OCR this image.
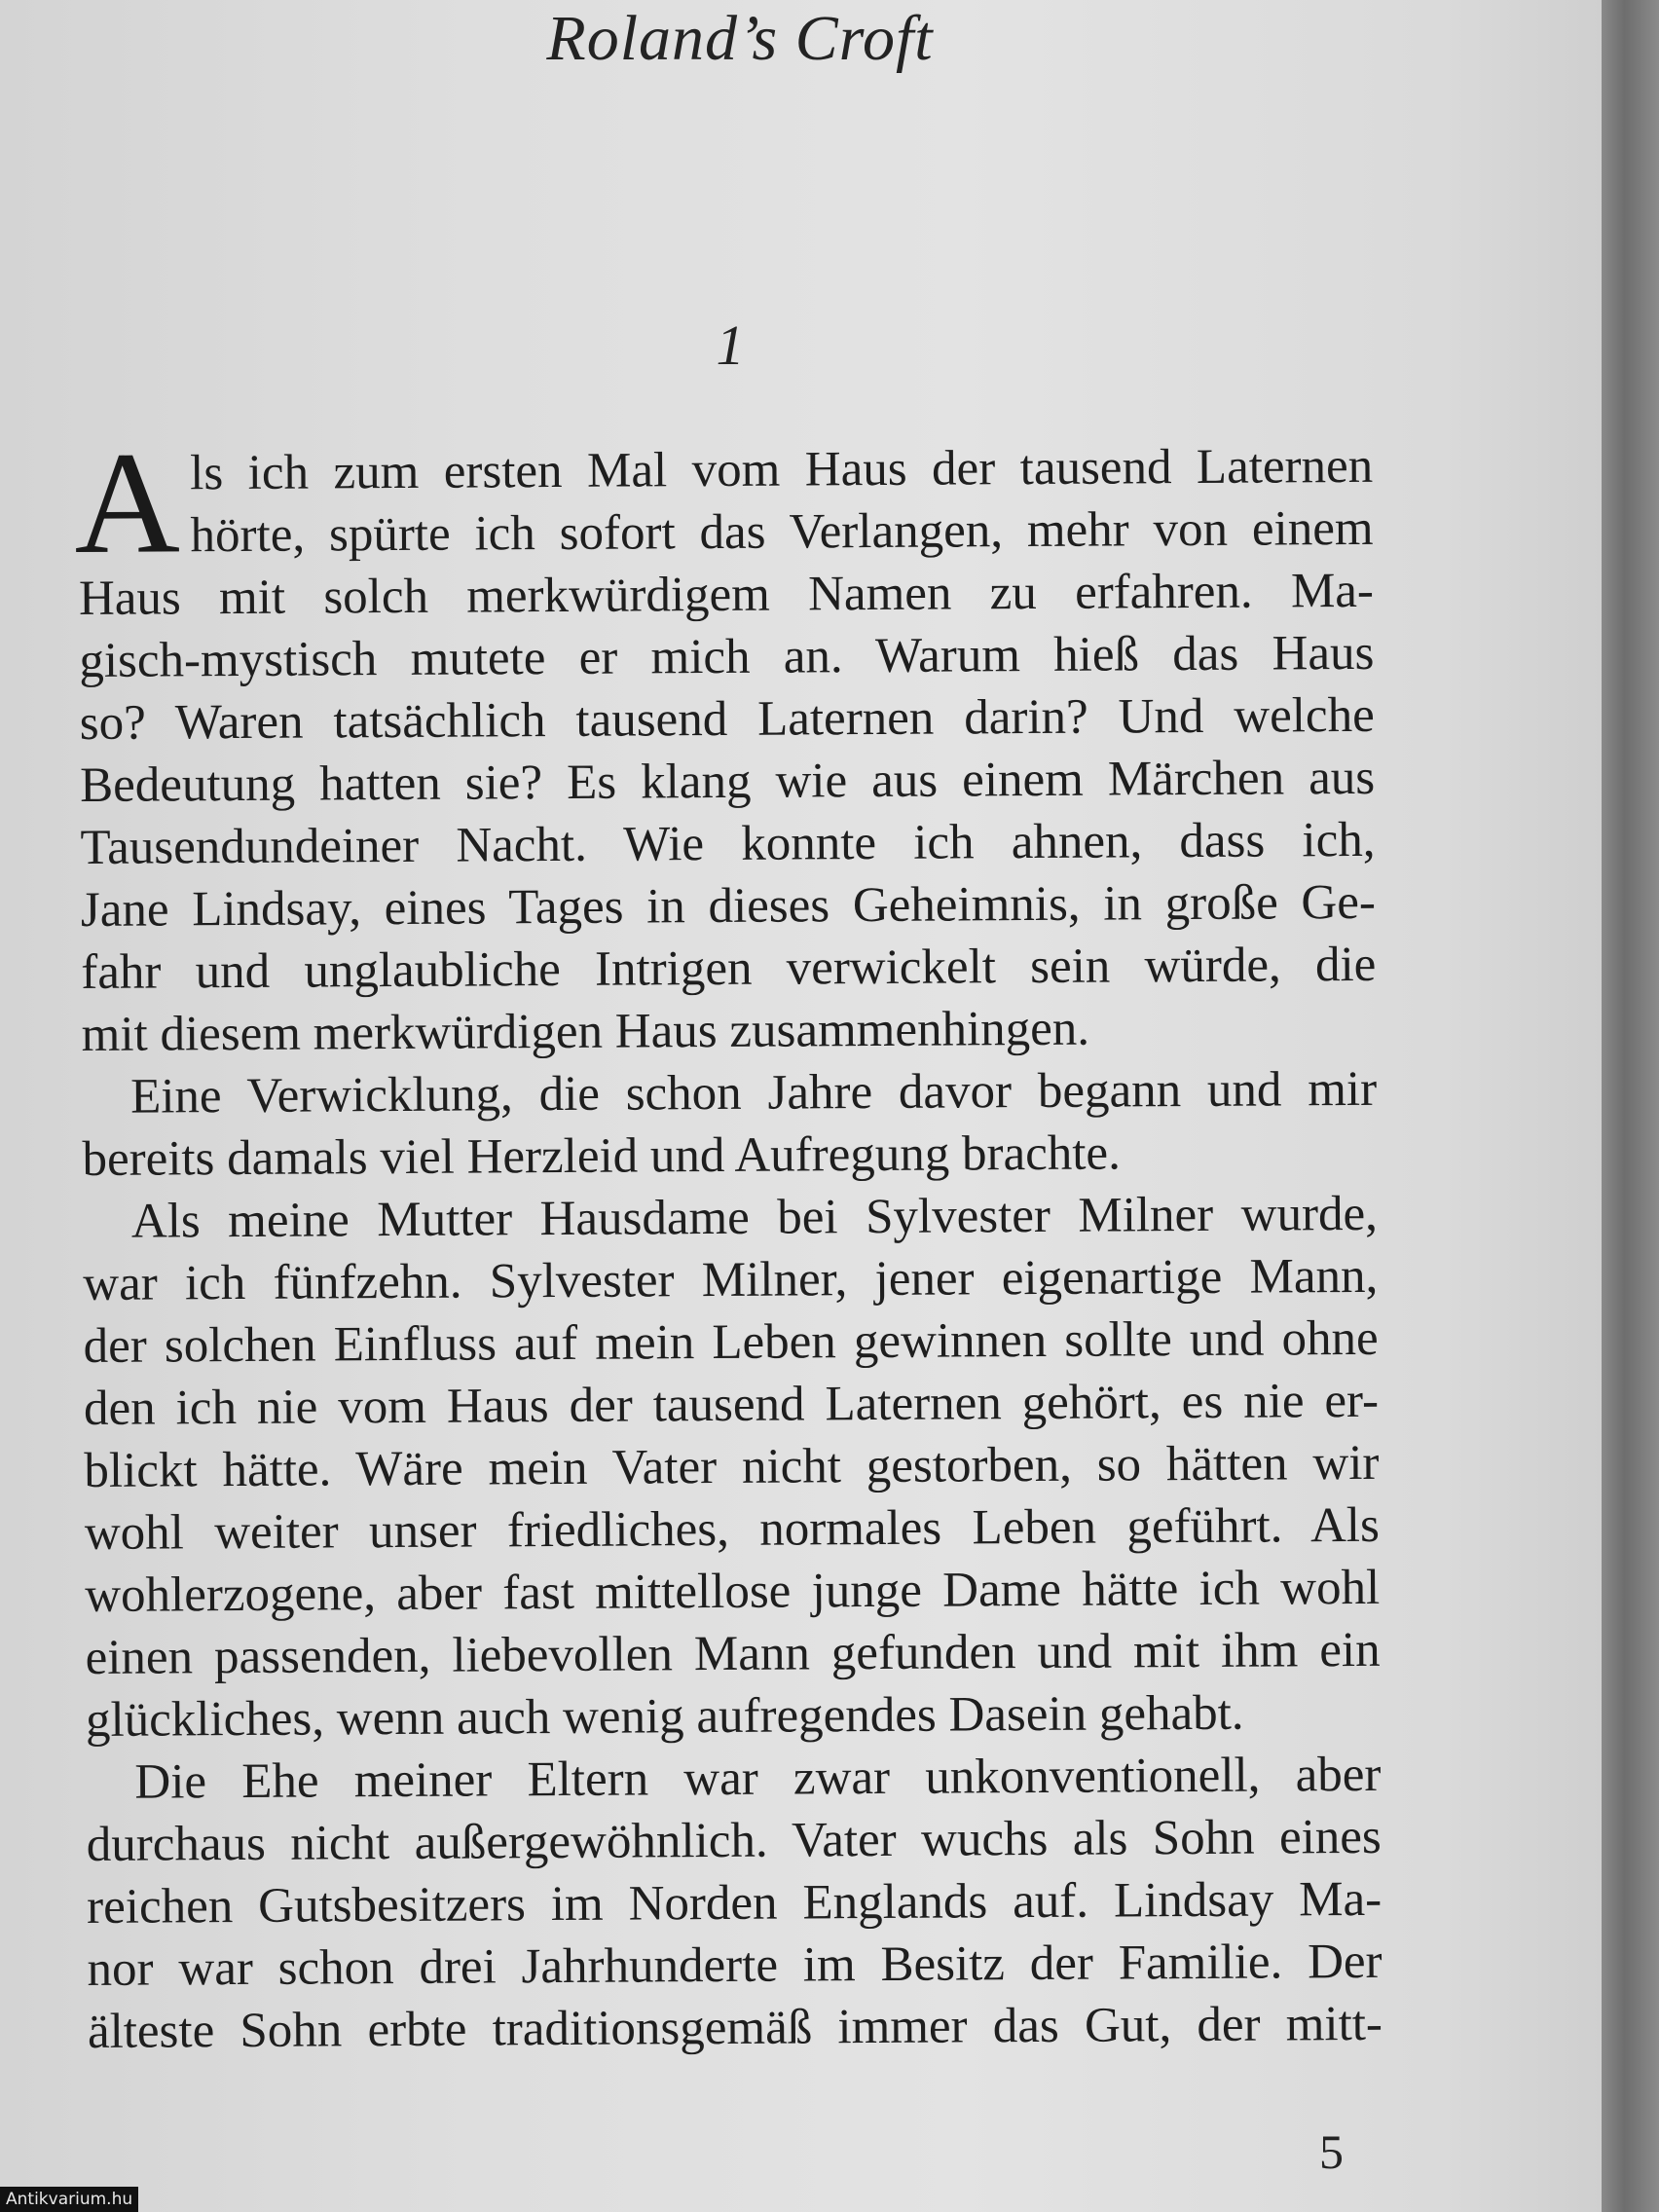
Roland’s Croft
1
A ls ich zum ersten Mal vom Haus der tausend Laternen
hörte, spürte ich sofort das Verlangen, mehr von einem
Haus mit solch merkwürdigem Namen zu erfahren. Ma-
gisch-mystisch mutete er mich an. Warum hieß das Haus
so? Waren tatsächlich tausend Laternen darin? Und welche
Bedeutung hatten sie? Es klang wie aus einem Märchen aus
Tausendundeiner Nacht. Wie konnte ich ahnen, dass ich,
Jane Lindsay, eines Tages in dieses Geheimnis, in große Ge-
fahr und unglaubliche Intrigen verwickelt sein würde, die
mit diesem merkwürdigen Haus zusammenhingen.
Eine Verwicklung, die schon Jahre davor begann und mir
bereits damals viel Herzleid und Aufregung brachte.
Als meine Mutter Hausdame bei Sylvester Milner wurde,
war ich fünfzehn. Sylvester Milner, jener eigenartige Mann,
der solchen Einfluss auf mein Leben gewinnen sollte und ohne
den ich nie vom Haus der tausend Laternen gehört, es nie er-
blickt hätte. Wäre mein Vater nicht gestorben, so hätten wir
wohl weiter unser friedliches, normales Leben geführt. Als
wohlerzogene, aber fast mittellose junge Dame hätte ich wohl
einen passenden, liebevollen Mann gefunden und mit ihm ein
glückliches, wenn auch wenig aufregendes Dasein gehabt.
Die Ehe meiner Eltern war zwar unkonventionell, aber
durchaus nicht außergewöhnlich. Vater wuchs als Sohn eines
reichen Gutsbesitzers im Norden Englands auf. Lindsay Ma-
nor war schon drei Jahrhunderte im Besitz der Familie. Der
älteste Sohn erbte traditionsgemäß immer das Gut, der mitt-
5
Antikvarium.hu
